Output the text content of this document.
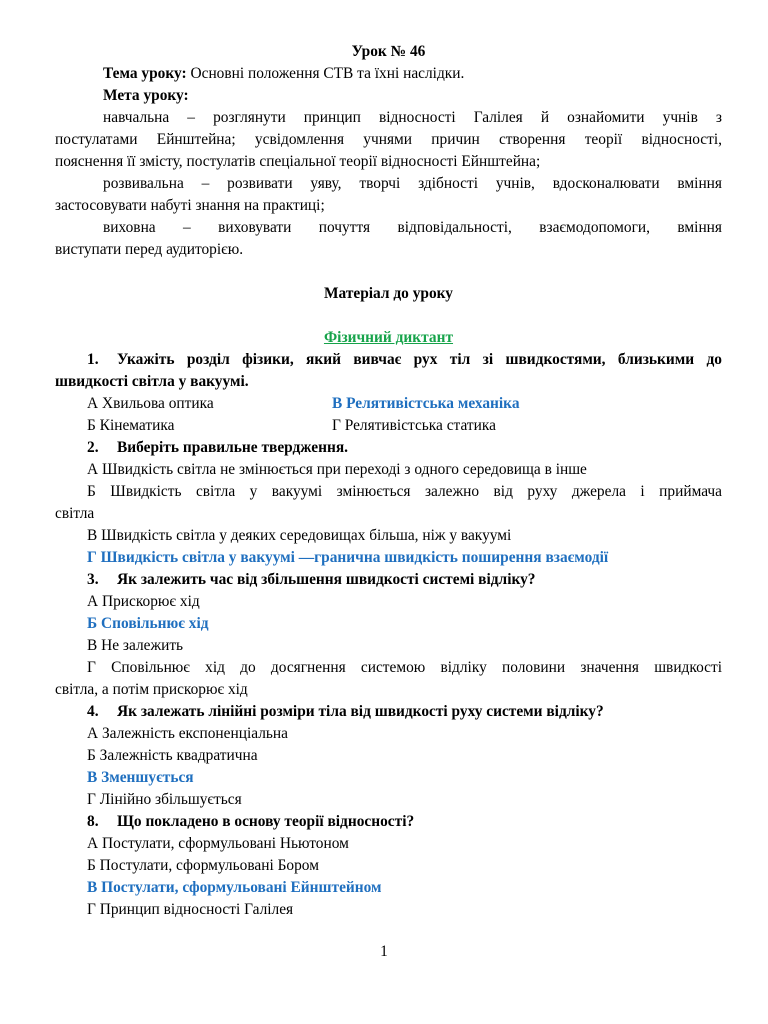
Урок № 46
Тема уроку: Основні положення СТВ та їхні наслідки.
Мета уроку:
навчальна – розглянути принцип відносності Галілея й ознайомити учнів з
постулатами Ейнштейна; усвідомлення учнями причин створення теорії відносності,
пояснення її змісту, постулатів спеціальної теорії відносності Ейнштейна;
розвивальна – розвивати уяву, творчі здібності учнів, вдосконалювати вміння
застосовувати набуті знання на практиці;
виховна – виховувати почуття відповідальності, взаємодопомоги, вміння
виступати перед аудиторією.
Матеріал до уроку
Фізичний диктант
1. Укажіть розділ фізики, який вивчає рух тіл зі швидкостями, близькими до
швидкості світла у вакуумі.
А Хвильова оптика	В Релятивістська механіка
Б Кінематика	Г Релятивістська статика
2. Виберіть правильне твердження.
А Швидкість світла не змінюється при переході з одного середовища в інше
Б Швидкість світла у вакуумі змінюється залежно від руху джерела і приймача
світла
В Швидкість світла у деяких середовищах більша, ніж у вакуумі
Г Швидкість світла у вакуумі —гранична швидкість поширення взаємодії
3. Як залежить час від збільшення швидкості системі відліку?
А Прискорює хід
Б Сповільнює хід
В Не залежить
Г Сповільнює хід до досягнення системою відліку половини значення швидкості
світла, а потім прискорює хід
4. Як залежать лінійні розміри тіла від швидкості руху системи відліку?
А Залежність експоненціальна
Б Залежність квадратична
В Зменшується
Г Лінійно збільшується
8. Що покладено в основу теорії відносності?
А Постулати, сформульовані Ньютоном
Б Постулати, сформульовані Бором
В Постулати, сформульовані Ейнштейном
Г Принцип відносності Галілея
1
